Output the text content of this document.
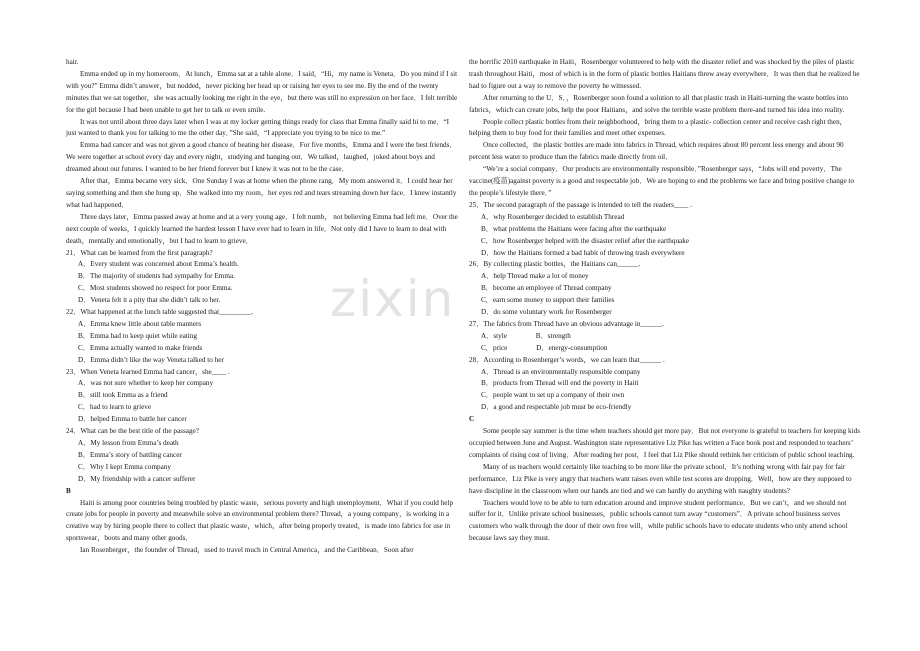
zixin

hair.

Emma ended up in my homeroom．At lunch，Emma sat at a table alone．I said，“Hi，my name is Veneta．Do you mind if I sit with you?” Emma didn’t answer，but nodded，never picking her head up or raising her eyes to see me. By the end of the twenty minutes that we sat together，she was actually looking me right in the eye，but there was still no expression on her face．I felt terrible for the girl because I had been unable to get her to talk or even smile.

It was not until about three days later when I was at my locker getting things ready for class that Emma finally said hi to me．“I just wanted to thank you for talking to me the other day．”She said，“I appreciate you trying to be nice to me.”

Emma had cancer and was not given a good chance of beating her disease．For five months，Emma and I were the best friends．We were together at school every day and every night，studying and hanging out．We talked，laughed，joked about boys and dreamed about our futures. I wanted to be her friend forever but I knew it was not to be the case．

After that，Emma became very sick．One Sunday I was at home when the phone rang．My mom answered it．I could hear her saying something and then she hung up．She walked into my room，her eyes red and tears streaming down her face．I knew instantly what had happened．

Three days later，Emma passed away at home and at a very young age．I felt numb， not believing Emma had left me．Over the next couple of weeks，I quickly learned the hardest lesson I have ever had to learn in life．Not only did I have to learn to deal with death，mentally and emotionally，but I had to learn to grieve．

21．What can be learned from the first paragraph?

A．Every student was concerned about Emma’s health.

B．The majority of students had sympathy for Emma.

C．Most students showed no respect for poor Emma.

D．Veneta felt it a pity that she didn’t talk to her.

22．What happened at the lunch table suggested that_________.

A．Emma knew little about table manners

B．Emma had to keep quiet while eating

C．Emma actually wanted to make friends

D．Emma didn’t like the way Veneta talked to her

23．When Veneta learned Emma had cancer，she____ .

A．was not sure whether to keep her company

B．still took Emma as a friend

C．had to learn to grieve

D．helped Emma to battle her cancer

24．What can be the best title of the passage?

A．My lesson from Emma’s death

B．Emma’s story of battling cancer

C．Why I kept Emma company

D．My friendship with a cancer sufferer

B

Haiti is among poor countries being troubled by plastic waste，serious poverty and high unemployment．What if you could help create jobs for people in poverty and meanwhile solve an environmental problem there? Thread，a young company，is working in a creative way by hiring people there to collect that plastic waste，which，after being properly treated，is made into fabrics for use in sportswear，boots and many other goods．

Ian Rosenberger，the founder of Thread，used to travel much in Central America，and the Caribbean．Soon after

the horrific 2010 earthquake in Haiti，Rosenberger volunteered to help with the disaster relief and was shocked by the piles of plastic trash throughout Haiti，most of which is in the form of plastic bottles Haitians threw away everywhere．It was then that he realized he had to figure out a way to remove the poverty he witnessed.

After returning to the U．S．，Rosenberger soon found a solution to all that plastic trash in Haiti-turning the waste bottles into fabrics，which can create jobs, help the poor Haitians，and solve the terrible waste problem there-and turned his idea into reality.

People collect plastic bottles from their neighborhood，bring them to a plastic- collection center and receive cash right then，helping them to buy food for their families and meet other expenses.

Once collected，the plastic bottles are made into fabrics in Thread, which requires about 80 percent less energy and about 90 percent less water to produce than the fabrics made directly from oil．

“We’re a social company．Our products are environmentally responsible．”Rosenberger says，“Jobs will end poverty．The vaccine(疫苗)against poverty is a good and respectable job．We are hoping to end the problems we face and bring positive change to the people’s lifestyle there．”

25．The second paragraph of the passage is intended to tell the readers____ .

A．why Rosenberger decided to establish Thread

B．what problems the Haitians were facing after the earthquake

C．how Rosenberger helped with the disaster relief after the earthquake

D．how the Haitians formed a bad habit of throwing trash everywhere

26．By collecting plastic bottles，the Haitians can______.

A．help Thread make a lot of money

B．become an employee of Thread company

C．earn some money to support their families

D．do some voluntary work for Rosenberger

27．The fabrics from Thread have an obvious advantage in______.

A．style　　　　B．strength

C．price　　　　D．energy-consumption

28．According to Rosenberger’s words，we can learn that______ .

A．Thread is an environmentally responsible company

B．products from Thread will end the poverty in Haiti

C．people want to set up a company of their own

D．a good and respectable job must be eco-friendly

C

Some people say summer is the time when teachers should get more pay．But not everyone is grateful to teachers for keeping kids occupied between June and August. Washington state representative Liz Pike has written a Face book post and responded to teachers’ complaints of rising cost of living．After reading her post，I feel that Liz Pike should rethink her criticism of public school teaching.

Many of us teachers would certainly like teaching to be more like the private school．It’s nothing wrong with fair pay for fair performance．Liz Pike is very angry that teachers want raises even while test scores are dropping．Well，how are they supposed to have discipline in the classroom when our hands are tied and we can hardly do anything with naughty students?

Teachers would love to be able to turn education around and improve student performance．But we can’t，and we should not suffer for it．Unlike private school businesses，public schools cannot turn away “customers”．A private school business serves customers who walk through the door of their own free will，while public schools have to educate students who only attend school because laws say they must.
